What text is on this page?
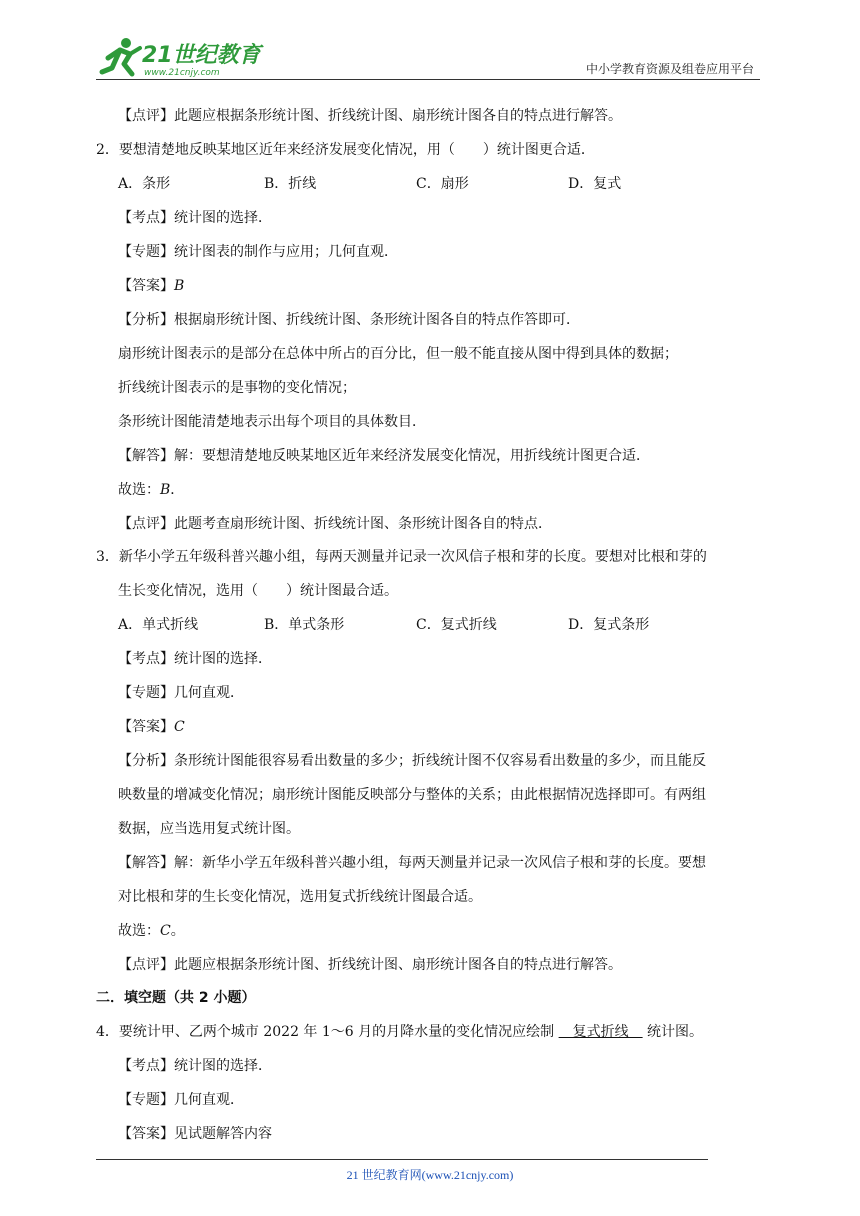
21世纪教育
www.21cnjy.com	中小学教育资源及组卷应用平台
【点评】此题应根据条形统计图、折线统计图、扇形统计图各自的特点进行解答。
2．要想清楚地反映某地区近年来经济发展变化情况，用（　　）统计图更合适．
A．条形	B．折线	C．扇形	D．复式
【考点】统计图的选择．
【专题】统计图表的制作与应用；几何直观．
【答案】B
【分析】根据扇形统计图、折线统计图、条形统计图各自的特点作答即可．
扇形统计图表示的是部分在总体中所占的百分比，但一般不能直接从图中得到具体的数据；
折线统计图表示的是事物的变化情况；
条形统计图能清楚地表示出每个项目的具体数目．
【解答】解：要想清楚地反映某地区近年来经济发展变化情况，用折线统计图更合适．
故选：B．
【点评】此题考查扇形统计图、折线统计图、条形统计图各自的特点．
3．新华小学五年级科普兴趣小组，每两天测量并记录一次风信子根和芽的长度。要想对比根和芽的
生长变化情况，选用（　　）统计图最合适。
A．单式折线	B．单式条形	C．复式折线	D．复式条形
【考点】统计图的选择．
【专题】几何直观．
【答案】C
【分析】条形统计图能很容易看出数量的多少；折线统计图不仅容易看出数量的多少，而且能反
映数量的增减变化情况；扇形统计图能反映部分与整体的关系；由此根据情况选择即可。有两组
数据，应当选用复式统计图。
【解答】解：新华小学五年级科普兴趣小组，每两天测量并记录一次风信子根和芽的长度。要想
对比根和芽的生长变化情况，选用复式折线统计图最合适。
故选：C。
【点评】此题应根据条形统计图、折线统计图、扇形统计图各自的特点进行解答。
二．填空题（共 2 小题）
4．要统计甲、乙两个城市 2022 年 1～6 月的月降水量的变化情况应绘制 　复式折线　 统计图。
【考点】统计图的选择．
【专题】几何直观．
【答案】见试题解答内容
21 世纪教育网(www.21cnjy.com)
